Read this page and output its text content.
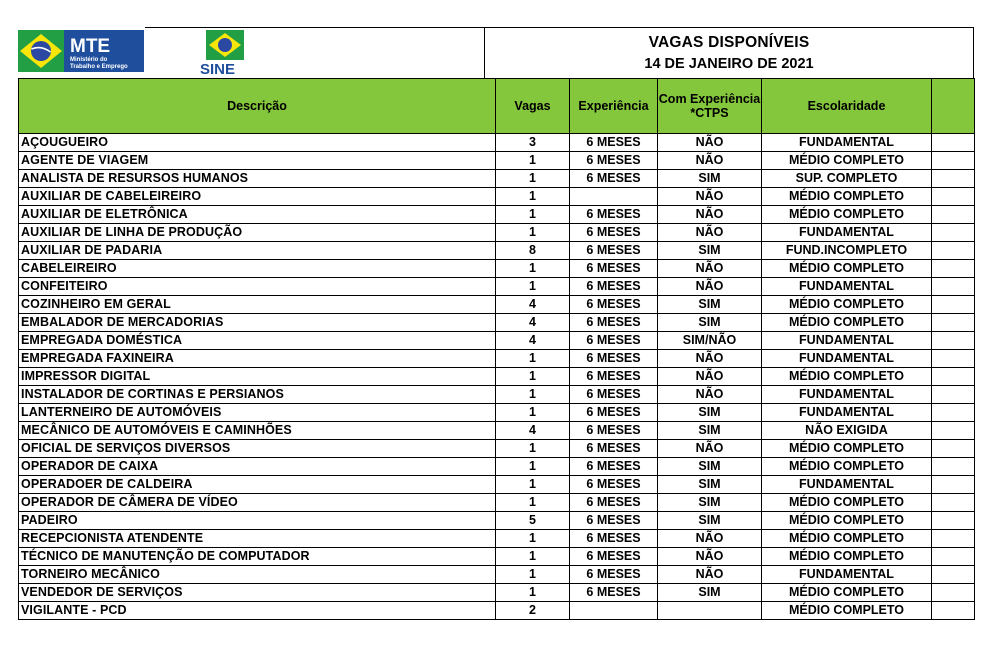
MTE
Ministério do
Trabalho e Emprego	SINE
VAGAS DISPONÍVEIS
14 DE JANEIRO DE 2021
Descrição	Vagas	Experiência	Com Experiência *CTPS	Escolaridade	
AÇOUGUEIRO	3	6 MESES	NÃO	FUNDAMENTAL	
AGENTE DE VIAGEM	1	6 MESES	NÃO	MÉDIO COMPLETO	
ANALISTA DE RESURSOS HUMANOS	1	6 MESES	SIM	SUP. COMPLETO	
AUXILIAR DE CABELEIREIRO	1		NÃO	MÉDIO COMPLETO	
AUXILIAR DE ELETRÔNICA	1	6 MESES	NÃO	MÉDIO COMPLETO	
AUXILIAR DE LINHA DE PRODUÇÃO	1	6 MESES	NÃO	FUNDAMENTAL	
AUXILIAR DE PADARIA	8	6 MESES	SIM	FUND.INCOMPLETO	
CABELEIREIRO	1	6 MESES	NÃO	MÉDIO COMPLETO	
CONFEITEIRO	1	6 MESES	NÃO	FUNDAMENTAL	
COZINHEIRO EM GERAL	4	6 MESES	SIM	MÉDIO COMPLETO	
EMBALADOR DE MERCADORIAS	4	6 MESES	SIM	MÉDIO COMPLETO	
EMPREGADA DOMÉSTICA	4	6 MESES	SIM/NÃO	FUNDAMENTAL	
EMPREGADA FAXINEIRA	1	6 MESES	NÃO	FUNDAMENTAL	
IMPRESSOR DIGITAL	1	6 MESES	NÃO	MÉDIO COMPLETO	
INSTALADOR DE CORTINAS E PERSIANOS	1	6 MESES	NÃO	FUNDAMENTAL	
LANTERNEIRO DE AUTOMÓVEIS	1	6 MESES	SIM	FUNDAMENTAL	
MECÂNICO DE AUTOMÓVEIS E CAMINHÕES	4	6 MESES	SIM	NÃO EXIGIDA	
OFICIAL DE SERVIÇOS DIVERSOS	1	6 MESES	NÃO	MÉDIO COMPLETO	
OPERADOR DE CAIXA	1	6 MESES	SIM	MÉDIO COMPLETO	
OPERADOER DE CALDEIRA	1	6 MESES	SIM	FUNDAMENTAL	
OPERADOR DE CÂMERA DE VÍDEO	1	6 MESES	SIM	MÉDIO COMPLETO	
PADEIRO	5	6 MESES	SIM	MÉDIO COMPLETO	
RECEPCIONISTA ATENDENTE	1	6 MESES	NÃO	MÉDIO COMPLETO	
TÉCNICO DE MANUTENÇÃO DE COMPUTADOR	1	6 MESES	NÃO	MÉDIO COMPLETO	
TORNEIRO MECÂNICO	1	6 MESES	NÃO	FUNDAMENTAL	
VENDEDOR DE SERVIÇOS	1	6 MESES	SIM	MÉDIO COMPLETO	
VIGILANTE - PCD	2			MÉDIO COMPLETO	
